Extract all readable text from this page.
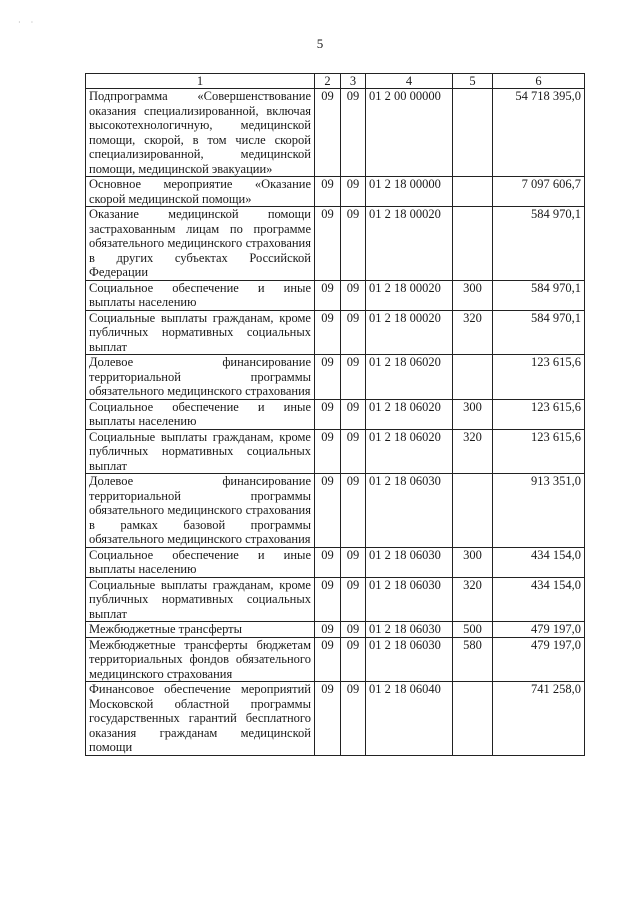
· ·
5
1	2	3	4	5	6
Подпрограмма «Совершенствование оказания специализированной, включая высокотехнологичную, медицинской помощи, скорой, в том числе скорой специализированной, медицинской помощи, медицинской эвакуации»	09	09	01 2 00 00000		54 718 395,0
Основное мероприятие «Оказание скорой медицинской помощи»	09	09	01 2 18 00000		7 097 606,7
Оказание медицинской помощи застрахованным лицам по программе обязательного медицинского страхования в других субъектах Российской Федерации	09	09	01 2 18 00020		584 970,1
Социальное обеспечение и иные выплаты населению	09	09	01 2 18 00020	300	584 970,1
Социальные выплаты гражданам, кроме публичных нормативных социальных выплат	09	09	01 2 18 00020	320	584 970,1
Долевое финансирование территориальной программы обязательного медицинского страхования	09	09	01 2 18 06020		123 615,6
Социальное обеспечение и иные выплаты населению	09	09	01 2 18 06020	300	123 615,6
Социальные выплаты гражданам, кроме публичных нормативных социальных выплат	09	09	01 2 18 06020	320	123 615,6
Долевое финансирование территориальной программы обязательного медицинского страхования в рамках базовой программы обязательного медицинского страхования	09	09	01 2 18 06030		913 351,0
Социальное обеспечение и иные выплаты населению	09	09	01 2 18 06030	300	434 154,0
Социальные выплаты гражданам, кроме публичных нормативных социальных выплат	09	09	01 2 18 06030	320	434 154,0
Межбюджетные трансферты	09	09	01 2 18 06030	500	479 197,0
Межбюджетные трансферты бюджетам территориальных фондов обязательного медицинского страхования	09	09	01 2 18 06030	580	479 197,0
Финансовое обеспечение мероприятий Московской областной программы государственных гарантий бесплатного оказания гражданам медицинской помощи	09	09	01 2 18 06040		741 258,0
